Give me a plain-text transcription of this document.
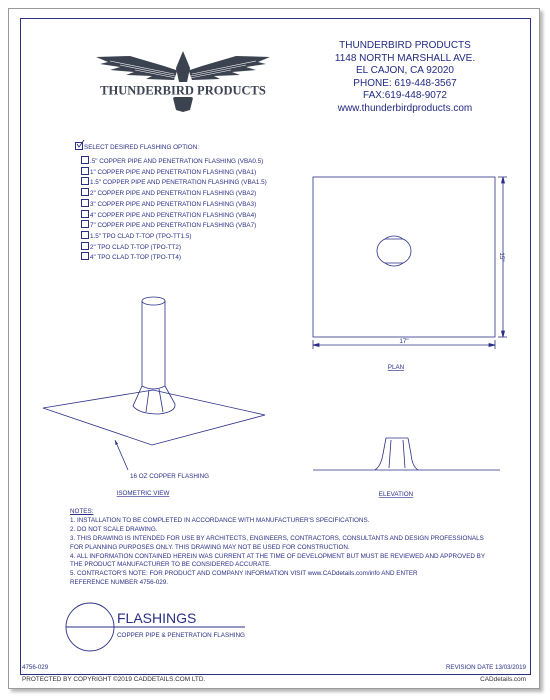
THUNDERBIRD PRODUCTS
THUNDERBIRD PRODUCTS
1148 NORTH MARSHALL AVE.
EL CAJON, CA 92020
PHONE: 619-448-3567
FAX:619-448-9072
www.thunderbirdproducts.com
SELECT DESIRED FLASHING OPTION:
.5" COPPER PIPE AND PENETRATION FLASHING (VBA0.5)
1" COPPER PIPE AND PENETRATION FLASHING (VBA1)
1.5" COPPER PIPE AND PENETRATION FLASHING (VBA1.5)
2" COPPER PIPE AND PENETRATION FLASHING (VBA2)
3" COPPER PIPE AND PENETRATION FLASHING (VBA3)
4" COPPER PIPE AND PENETRATION FLASHING (VBA4)
7" COPPER PIPE AND PENETRATION FLASHING (VBA7)
1.5" TPO CLAD T-TOP (TPO-TT1.5)
2" TPO CLAD T-TOP (TPO-TT2)
4" TPO CLAD T-TOP (TPO-TT4)
17"
15"
PLAN
16 OZ COPPER FLASHING
ISOMETRIC VIEW	ELEVATION
NOTES:
1. INSTALLATION TO BE COMPLETED IN ACCORDANCE WITH MANUFACTURER'S SPECIFICATIONS.
2. DO NOT SCALE DRAWING.
3. THIS DRAWING IS INTENDED FOR USE BY ARCHITECTS, ENGINEERS, CONTRACTORS, CONSULTANTS AND DESIGN PROFESSIONALS
FOR PLANNING PURPOSES ONLY. THIS DRAWING MAY NOT BE USED FOR CONSTRUCTION.
4. ALL INFORMATION CONTAINED HEREIN WAS CURRENT AT THE TIME OF DEVELOPMENT BUT MUST BE REVIEWED AND APPROVED BY
THE PRODUCT MANUFACTURER TO BE CONSIDERED ACCURATE.
5. CONTRACTOR'S NOTE: FOR PRODUCT AND COMPANY INFORMATION VISIT www.CADdetails.com/info AND ENTER
REFERENCE NUMBER 4756-029.
FLASHINGS
COPPER PIPE & PENETRATION FLASHING
4756-029	REVISION DATE 13/03/2019
PROTECTED BY COPYRIGHT ©2019 CADDETAILS.COM LTD.	CADdetails.com
